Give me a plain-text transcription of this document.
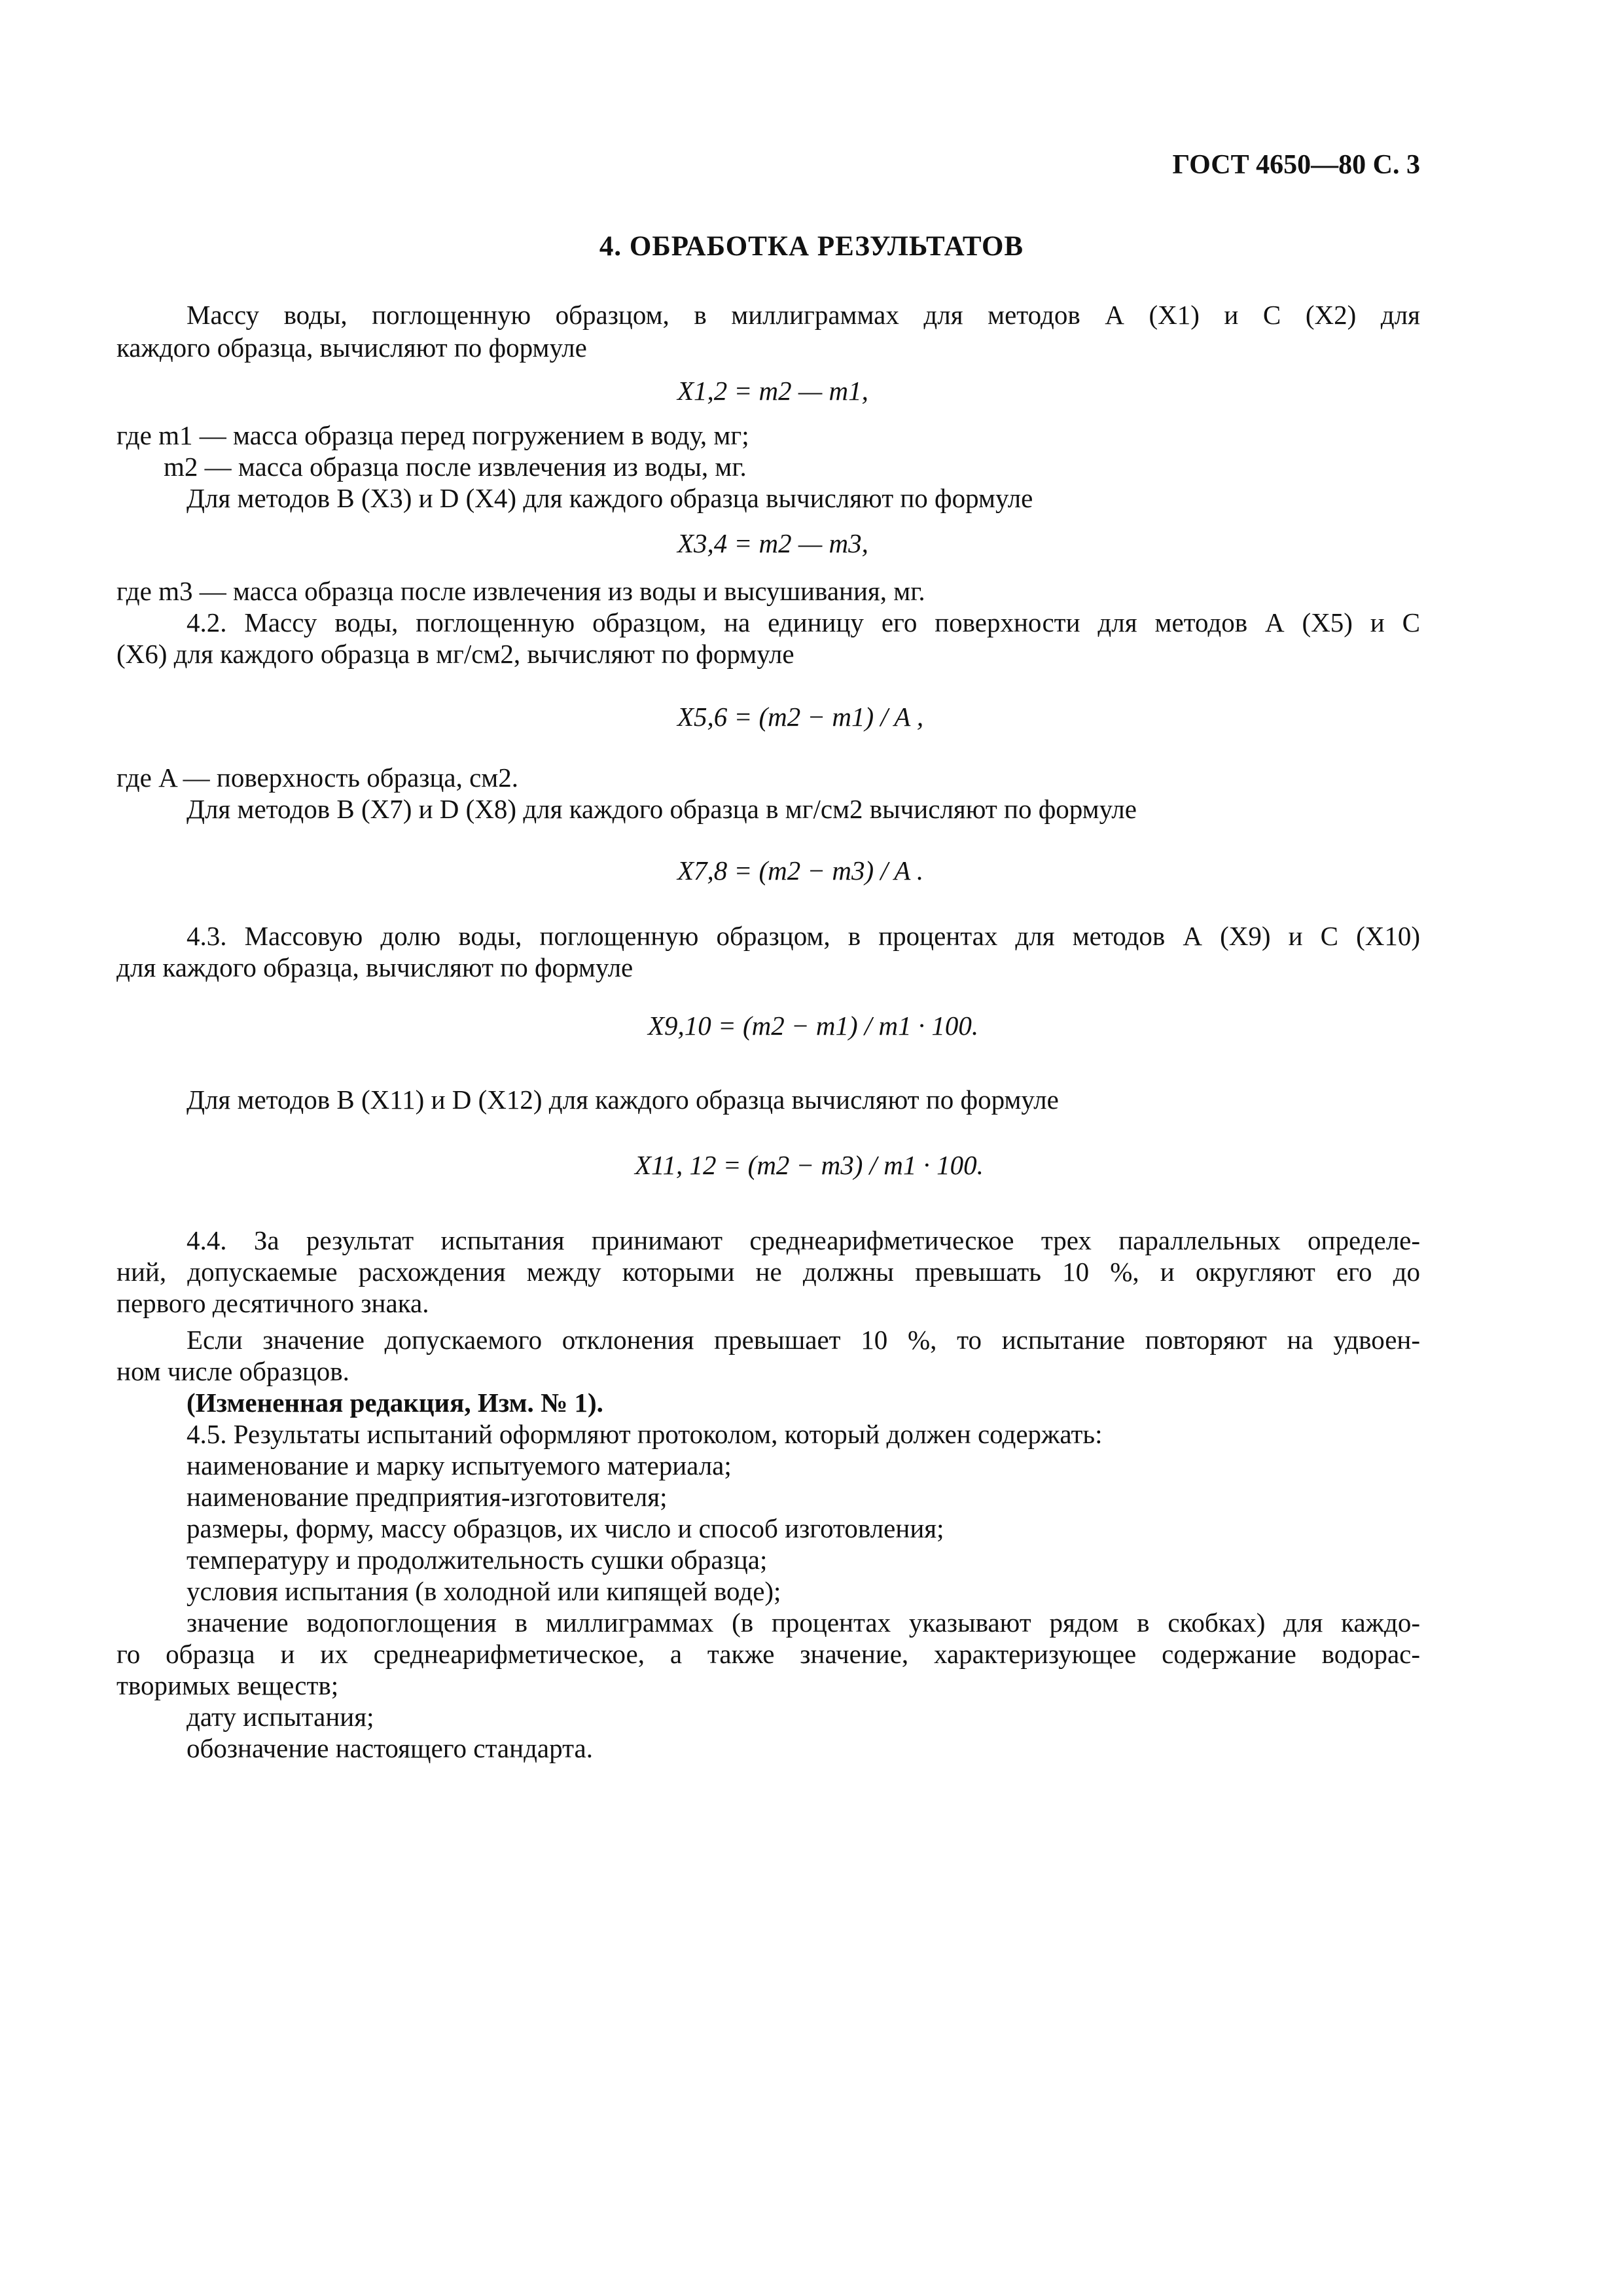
ГОСТ 4650—80 С. 3
4. ОБРАБОТКА РЕЗУЛЬТАТОВ
Массу воды, поглощенную образцом, в миллиграммах для методов А (X1) и С (X2) для
каждого образца, вычисляют по формуле
X1,2 = m2 — m1,
где m1 — масса образца перед погружением в воду, мг;
m2 — масса образца после извлечения из воды, мг.
Для методов В (X3) и D (X4) для каждого образца вычисляют по формуле
X3,4 = m2 — m3,
где m3 — масса образца после извлечения из воды и высушивания, мг.
4.2. Массу воды, поглощенную образцом, на единицу его поверхности для методов А (X5) и С
(X6) для каждого образца в мг/см2, вычисляют по формуле
X5,6 = (m2 − m1) / A ,
где A — поверхность образца, см2.
Для методов В (X7) и D (X8) для каждого образца в мг/см2 вычисляют по формуле
X7,8 = (m2 − m3) / A .
4.3. Массовую долю воды, поглощенную образцом, в процентах для методов А (X9) и С (X10)
для каждого образца, вычисляют по формуле
X9,10 = (m2 − m1) / m1 · 100.
Для методов В (X11) и D (X12) для каждого образца вычисляют по формуле
X11, 12 = (m2 − m3) / m1 · 100.
4.4. За результат испытания принимают среднеарифметическое трех параллельных определе-
ний, допускаемые расхождения между которыми не должны превышать 10 %, и округляют его до
первого десятичного знака.
Если значение допускаемого отклонения превышает 10 %, то испытание повторяют на удвоен-
ном числе образцов.
(Измененная редакция, Изм. № 1).
4.5. Результаты испытаний оформляют протоколом, который должен содержать:
наименование и марку испытуемого материала;
наименование предприятия-изготовителя;
размеры, форму, массу образцов, их число и способ изготовления;
температуру и продолжительность сушки образца;
условия испытания (в холодной или кипящей воде);
значение водопоглощения в миллиграммах (в процентах указывают рядом в скобках) для каждо-
го образца и их среднеарифметическое, а также значение, характеризующее содержание водорас-
творимых веществ;
дату испытания;
обозначение настоящего стандарта.
